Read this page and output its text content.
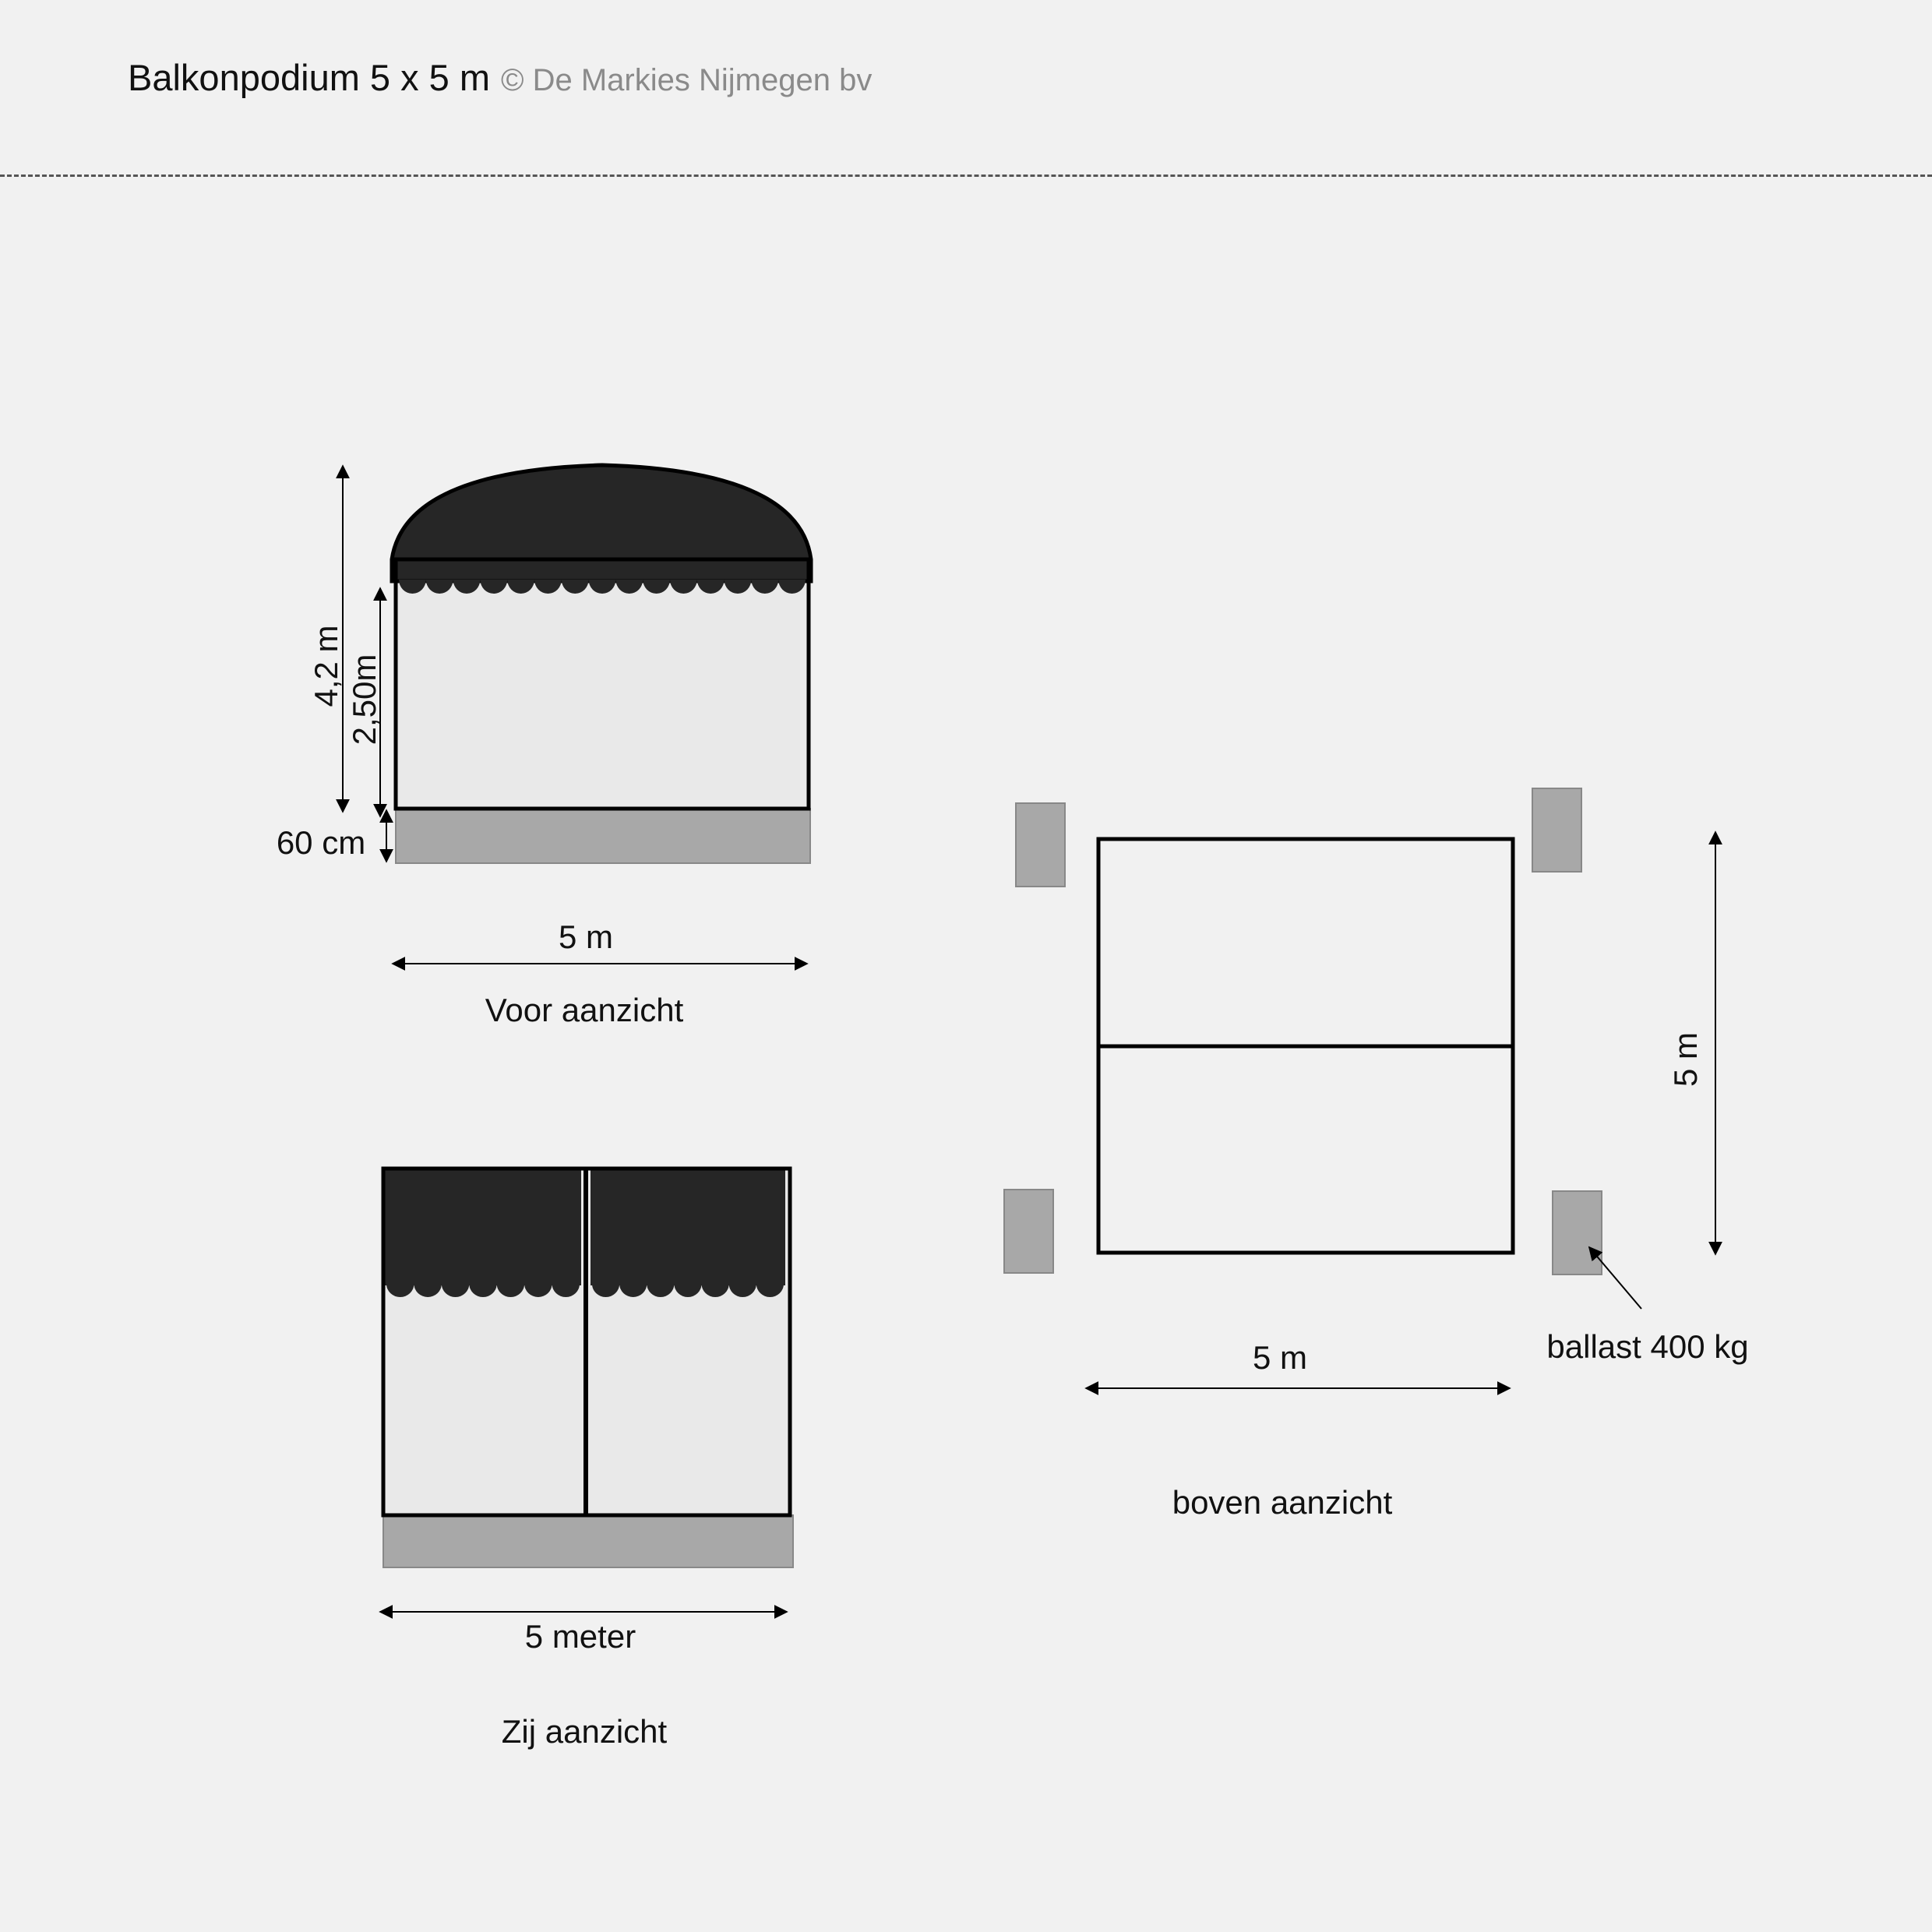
Balkonpodium 5 x 5 m © De Markies Nijmegen bv
4,2 m 2,50m
60 cm
5 m
Voor aanzicht
5 meter
Zij aanzicht
5 m
5 m	ballast 400 kg
boven aanzicht
